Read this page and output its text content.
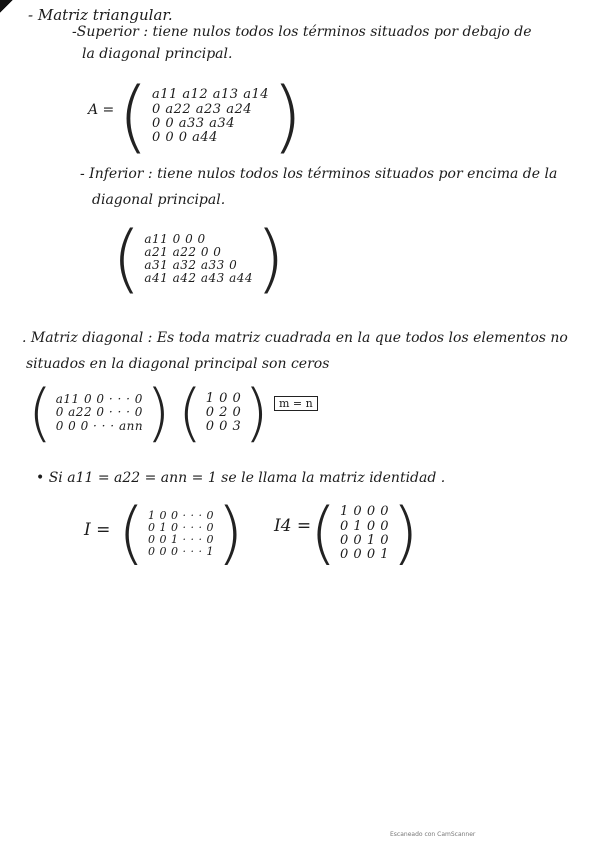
- Matriz triangular.
-Superior : tiene nulos todos los términos situados por debajo de
la diagonal principal.
A = ( a11 a12 a13 a14
0 a22 a23 a24
0 0 a33 a34
0 0 0 a44 )
- Inferior : tiene nulos todos los términos situados por encima de la
diagonal principal.
( a11 0 0 0
a21 a22 0 0
a31 a32 a33 0
a41 a42 a43 a44 )
. Matriz diagonal : Es toda matriz cuadrada en la que todos los elementos no
situados en la diagonal principal son ceros
( a11 0 0 · · · 0
0 a22 0 · · · 0
0 0 0 · · · ann ) ( 1 0 0
0 2 0
0 0 3 ) m = n
• Si a11 = a22 = ann = 1 se le llama la matriz identidad .
I = ( 1 0 0 · · · 0
0 1 0 · · · 0
0 0 1 · · · 0
0 0 0 · · · 1 ) I4 =
( 1 0 0 0
0 1 0 0
0 0 1 0
0 0 0 1 )
Escaneado con CamScanner
